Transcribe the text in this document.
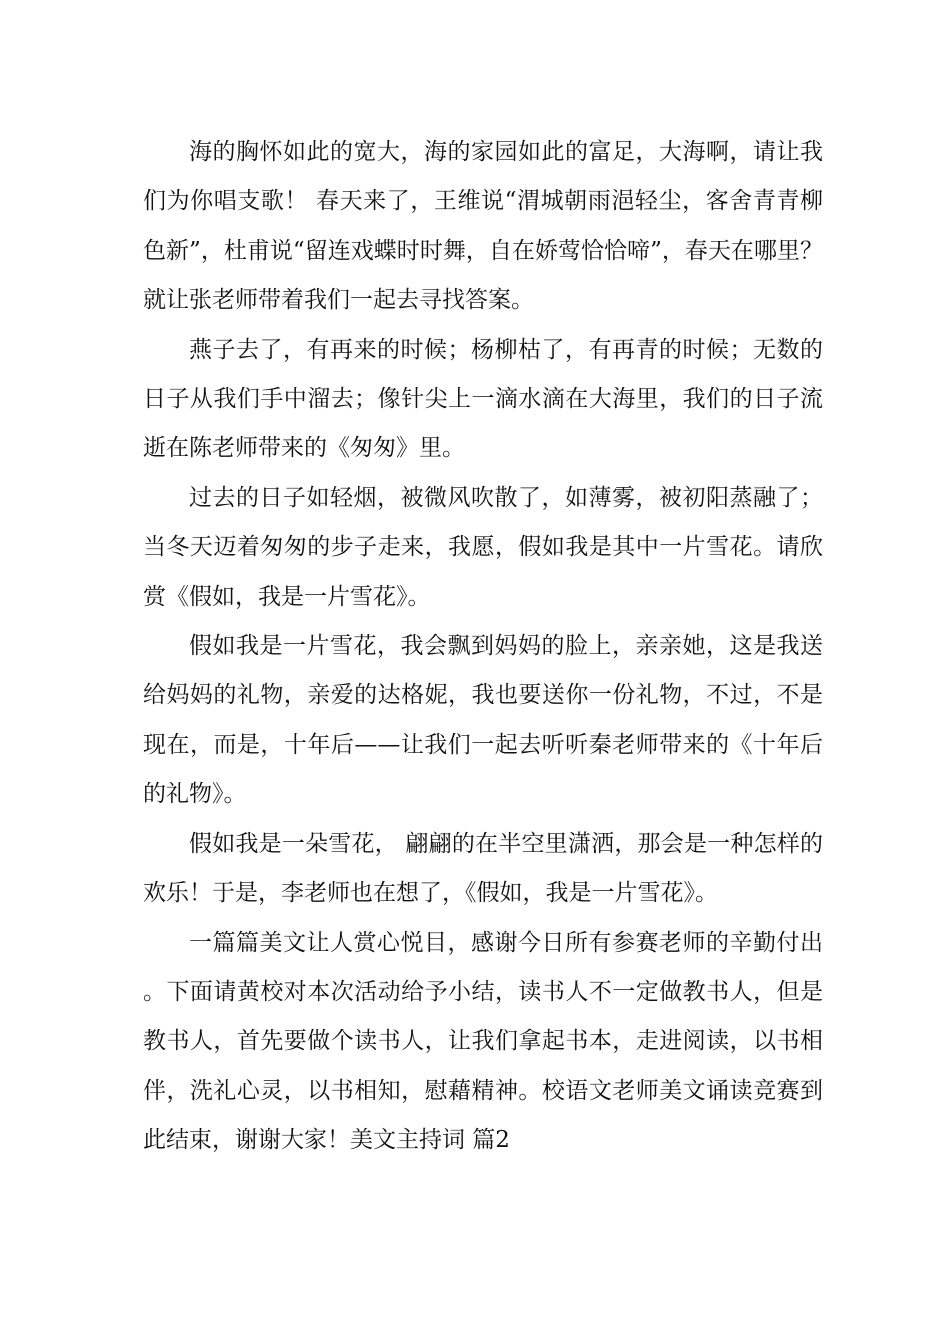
海的胸怀如此的宽大，海的家园如此的富足，大海啊，请让我们为你唱支歌！ 春天来了，王维说“渭城朝雨浥轻尘，客舍青青柳色新”，杜甫说“留连戏蝶时时舞，自在娇莺恰恰啼”，春天在哪里？就让张老师带着我们一起去寻找答案。

燕子去了，有再来的时候；杨柳枯了，有再青的时候；无数的日子从我们手中溜去；像针尖上一滴水滴在大海里，我们的日子流逝在陈老师带来的《匆匆》里。

过去的日子如轻烟，被微风吹散了，如薄雾，被初阳蒸融了；当冬天迈着匆匆的步子走来，我愿，假如我是其中一片雪花。请欣赏《假如，我是一片雪花》。

假如我是一片雪花，我会飘到妈妈的脸上，亲亲她，这是我送给妈妈的礼物，亲爱的达格妮，我也要送你一份礼物，不过，不是现在，而是，十年后——让我们一起去听听秦老师带来的《十年后的礼物》。

假如我是一朵雪花， 翩翩的在半空里潇洒，那会是一种怎样的欢乐！于是，李老师也在想了，《假如，我是一片雪花》。

一篇篇美文让人赏心悦目，感谢今日所有参赛老师的辛勤付出。下面请黄校对本次活动给予小结，读书人不一定做教书人，但是教书人，首先要做个读书人，让我们拿起书本，走进阅读，以书相伴，洗礼心灵，以书相知，慰藉精神。校语文老师美文诵读竞赛到此结束，谢谢大家！美文主持词 篇2
